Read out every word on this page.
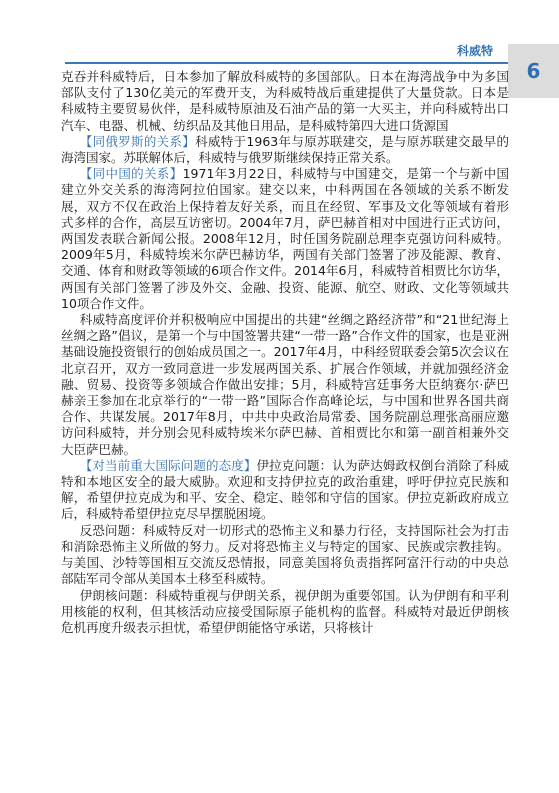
科威特
6

克吞并科威特后，日本参加了解放科威特的多国部队。日本在海湾战争中为多国部队支付了130亿美元的军费开支，为科威特战后重建提供了大量贷款。日本是科威特主要贸易伙伴，是科威特原油及石油产品的第一大买主，并向科威特出口汽车、电器、机械、纺织品及其他日用品，是科威特第四大进口货源国

【同俄罗斯的关系】科威特于1963年与原苏联建交，是与原苏联建交最早的海湾国家。苏联解体后，科威特与俄罗斯继续保持正常关系。

【同中国的关系】1971年3月22日，科威特与中国建交，是第一个与新中国建立外交关系的海湾阿拉伯国家。建交以来，中科两国在各领域的关系不断发展，双方不仅在政治上保持着友好关系，而且在经贸、军事及文化等领域有着形式多样的合作，高层互访密切。2004年7月，萨巴赫首相对中国进行正式访问，两国发表联合新闻公报。2008年12月，时任国务院副总理李克强访问科威特。2009年5月，科威特埃米尔萨巴赫访华，两国有关部门签署了涉及能源、教育、交通、体育和财政等领域的6项合作文件。2014年6月，科威特首相贾比尔访华，两国有关部门签署了涉及外交、金融、投资、能源、航空、财政、文化等领域共10项合作文件。

科威特高度评价并积极响应中国提出的共建“丝绸之路经济带”和“21世纪海上丝绸之路”倡议，是第一个与中国签署共建“一带一路”合作文件的国家，也是亚洲基础设施投资银行的创始成员国之一。2017年4月，中科经贸联委会第5次会议在北京召开，双方一致同意进一步发展两国关系、扩展合作领域，并就加强经济金融、贸易、投资等多领域合作做出安排；5月，科威特宫廷事务大臣纳赛尔·萨巴赫亲王参加在北京举行的“一带一路”国际合作高峰论坛，与中国和世界各国共商合作、共谋发展。2017年8月，中共中央政治局常委、国务院副总理张高丽应邀访问科威特，并分别会见科威特埃米尔萨巴赫、首相贾比尔和第一副首相兼外交大臣萨巴赫。

【对当前重大国际问题的态度】伊拉克问题：认为萨达姆政权倒台消除了科威特和本地区安全的最大威胁。欢迎和支持伊拉克的政治重建，呼吁伊拉克民族和解，希望伊拉克成为和平、安全、稳定、睦邻和守信的国家。伊拉克新政府成立后，科威特希望伊拉克尽早摆脱困境。

反恐问题：科威特反对一切形式的恐怖主义和暴力行径，支持国际社会为打击和消除恐怖主义所做的努力。反对将恐怖主义与特定的国家、民族或宗教挂钩。与美国、沙特等国相互交流反恐情报，同意美国将负责指挥阿富汗行动的中央总部陆军司令部从美国本土移至科威特。

伊朗核问题：科威特重视与伊朗关系，视伊朗为重要邻国。认为伊朗有和平利用核能的权利，但其核活动应接受国际原子能机构的监督。科威特对最近伊朗核危机再度升级表示担忧，希望伊朗能恪守承诺，只将核计
